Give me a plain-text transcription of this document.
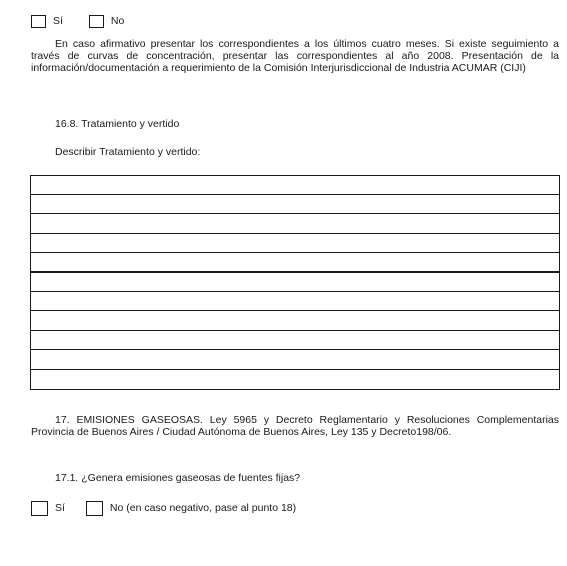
Sí	No
En caso afirmativo presentar los correspondientes a los últimos cuatro meses. Si existe seguimiento a través de curvas de concentración, presentar las correspondientes al año 2008. Presentación de la información/documentación a requerimiento de la Comisión Interjurisdiccional de Industria ACUMAR (CIJI)
16.8. Tratamiento y vertido
Describir Tratamiento y vertido:
17. EMISIONES GASEOSAS. Ley 5965 y Decreto Reglamentario y Resoluciones Complementarias Provincia de Buenos Aires / Ciudad Autónoma de Buenos Aires, Ley 135 y Decreto198/06.
17.1. ¿Genera emisiones gaseosas de fuentes fijas?
Sí	No (en caso negativo, pase al punto 18)
